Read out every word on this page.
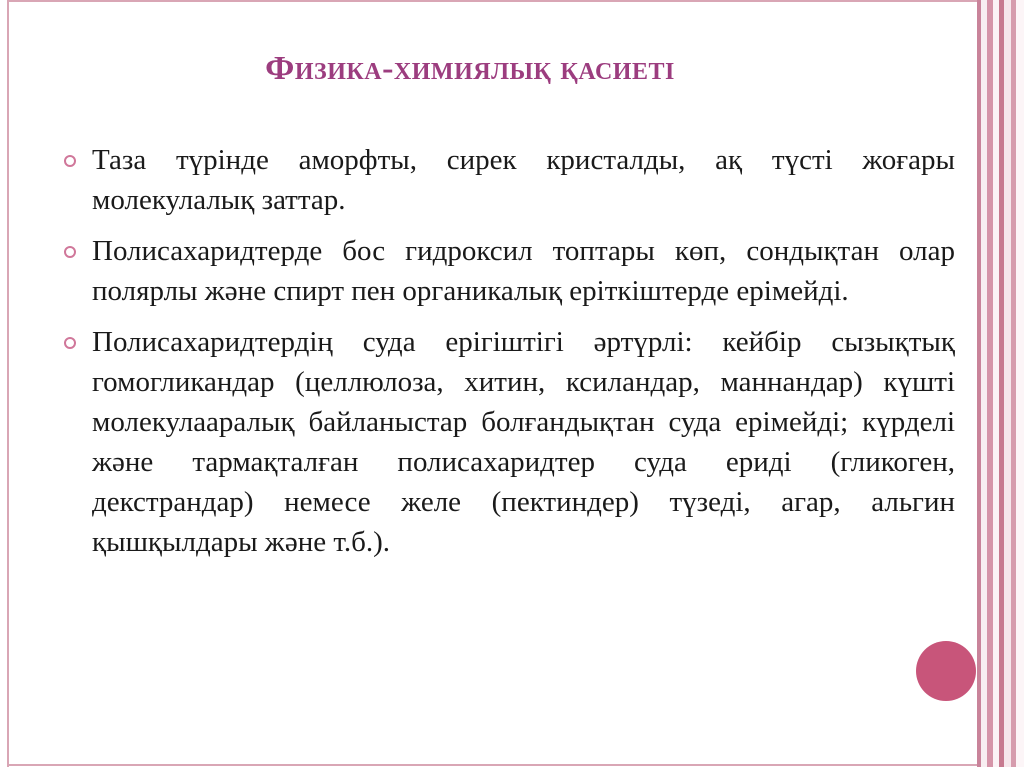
Физика-химиялық қасиеті
Таза түрінде аморфты, сирек кристалды, ақ түсті жоғары молекулалық заттар.
Полисахаридтерде бос гидроксил топтары көп, сондықтан олар полярлы және спирт пен органикалық еріткіштерде ерімейді.
Полисахаридтердің суда ерігіштігі әртүрлі: кейбір сызықтық гомогликандар (целлюлоза, хитин, ксиландар, маннандар) күшті молекулааралық байланыстар болғандықтан суда ерімейді; күрделі және тармақталған полисахаридтер суда ериді (гликоген, декстрандар) немесе желе (пектиндер) түзеді, агар, альгин қышқылдары және т.б.).
